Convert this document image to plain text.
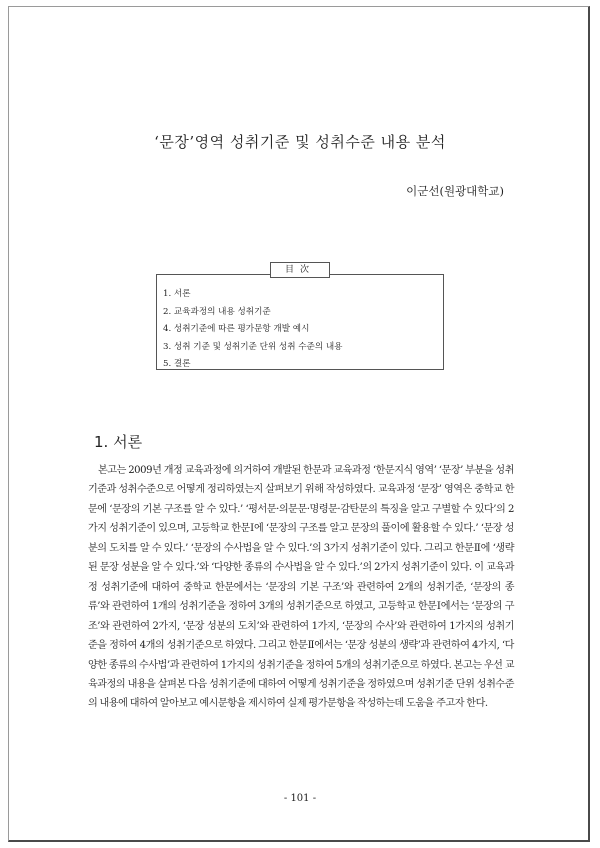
‘문장’영역 성취기준 및 성취수준 내용 분석
이군선(원광대학교)
目次
1. 서론
2. 교육과정의 내용 성취기준
4. 성취기준에 따른 평가문항 개발 예시
3. 성취 기준 및 성취기준 단위 성취 수준의 내용
5. 결론
1. 서론

본고는 2009년 개정 교육과정에 의거하여 개발된 한문과 교육과정 ‘한문지식 영역’ ‘문장’ 부분을 성취기준과 성취수준으로 어떻게 정리하였는지 살펴보기 위해 작성하였다. 교육과정 ‘문장’ 영역은 중학교 한문에 ‘문장의 기본 구조를 알 수 있다.’ ‘평서문·의문문·명령문·감탄문의 특징을 알고 구별할 수 있다’의 2가지 성취기준이 있으며, 고등학교 한문Ⅰ에 ‘문장의 구조를 알고 문장의 풀이에 활용할 수 있다.’ ‘문장 성분의 도치를 알 수 있다.’ ‘문장의 수사법을 알 수 있다.’의 3가지 성취기준이 있다. 그리고 한문Ⅱ에 ‘생략된 문장 성분을 알 수 있다.’와 ‘다양한 종류의 수사법을 알 수 있다.’의 2가지 성취기준이 있다. 이 교육과정 성취기준에 대하여 중학교 한문에서는 ‘문장의 기본 구조’와 관련하여 2개의 성취기준, ‘문장의 종류’와 관련하여 1개의 성취기준을 정하여 3개의 성취기준으로 하였고, 고등학교 한문Ⅰ에서는 ‘문장의 구조’와 관련하여 2가지, ‘문장 성분의 도치’와 관련하여 1가지, ‘문장의 수사’와 관련하여 1가지의 성취기준을 정하여 4개의 성취기준으로 하였다. 그리고 한문Ⅱ에서는 ‘문장 성분의 생략’과 관련하여 4가지, ‘다양한 종류의 수사법’과 관련하여 1가지의 성취기준을 정하여 5개의 성취기준으로 하였다. 본고는 우선 교육과정의 내용을 살펴본 다음 성취기준에 대하여 어떻게 성취기준을 정하였으며 성취기준 단위 성취수준의 내용에 대하여 알아보고 예시문항을 제시하여 실제 평가문항을 작성하는데 도움을 주고자 한다.

- 101 -
